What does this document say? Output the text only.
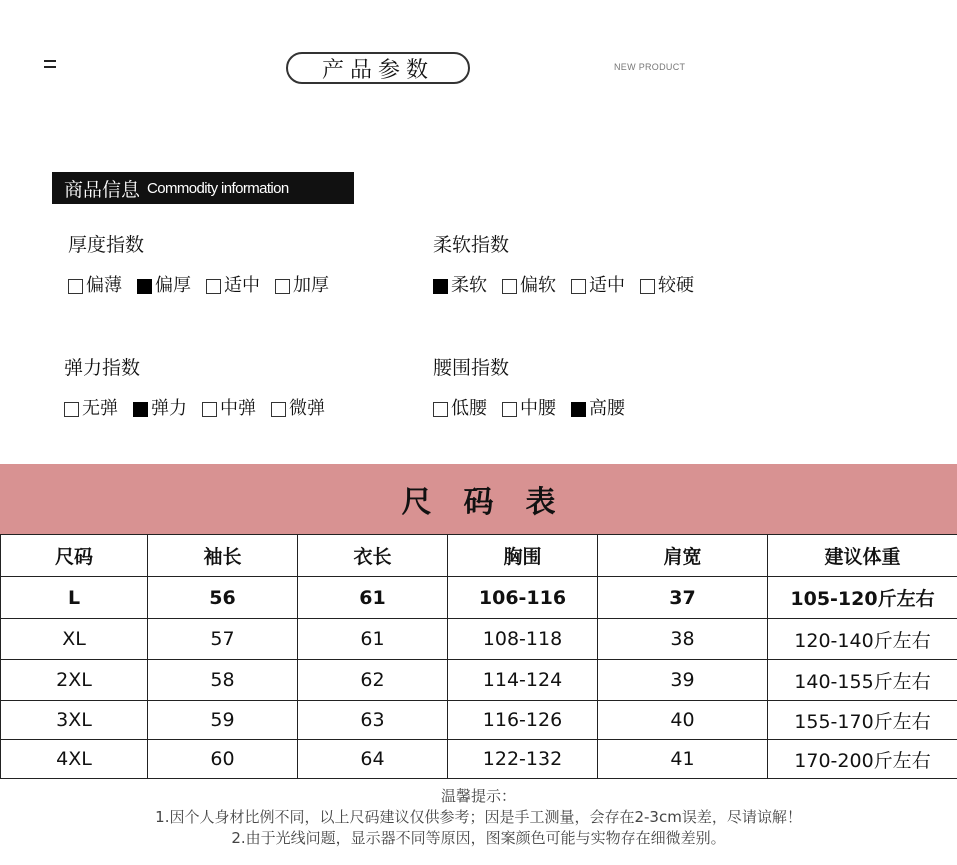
产品参数	NEW PRODUCT
商品信息 Commodity information
厚度指数
偏薄 偏厚 适中 加厚
柔软指数
柔软 偏软 适中 较硬
弹力指数
无弹 弹力 中弹 微弹
腰围指数
低腰 中腰 高腰
尺 码 表
尺码	袖长	衣长	胸围	肩宽	建议体重
L	56	61	106-116	37	105-120斤左右
XL	57	61	108-118	38	120-140斤左右
2XL	58	62	114-124	39	140-155斤左右
3XL	59	63	116-126	40	155-170斤左右
4XL	60	64	122-132	41	170-200斤左右
温馨提示：
1.因个人身材比例不同，以上尺码建议仅供参考；因是手工测量，会存在2-3cm误差，尽请谅解！
2.由于光线问题，显示器不同等原因，图案颜色可能与实物存在细微差别。
